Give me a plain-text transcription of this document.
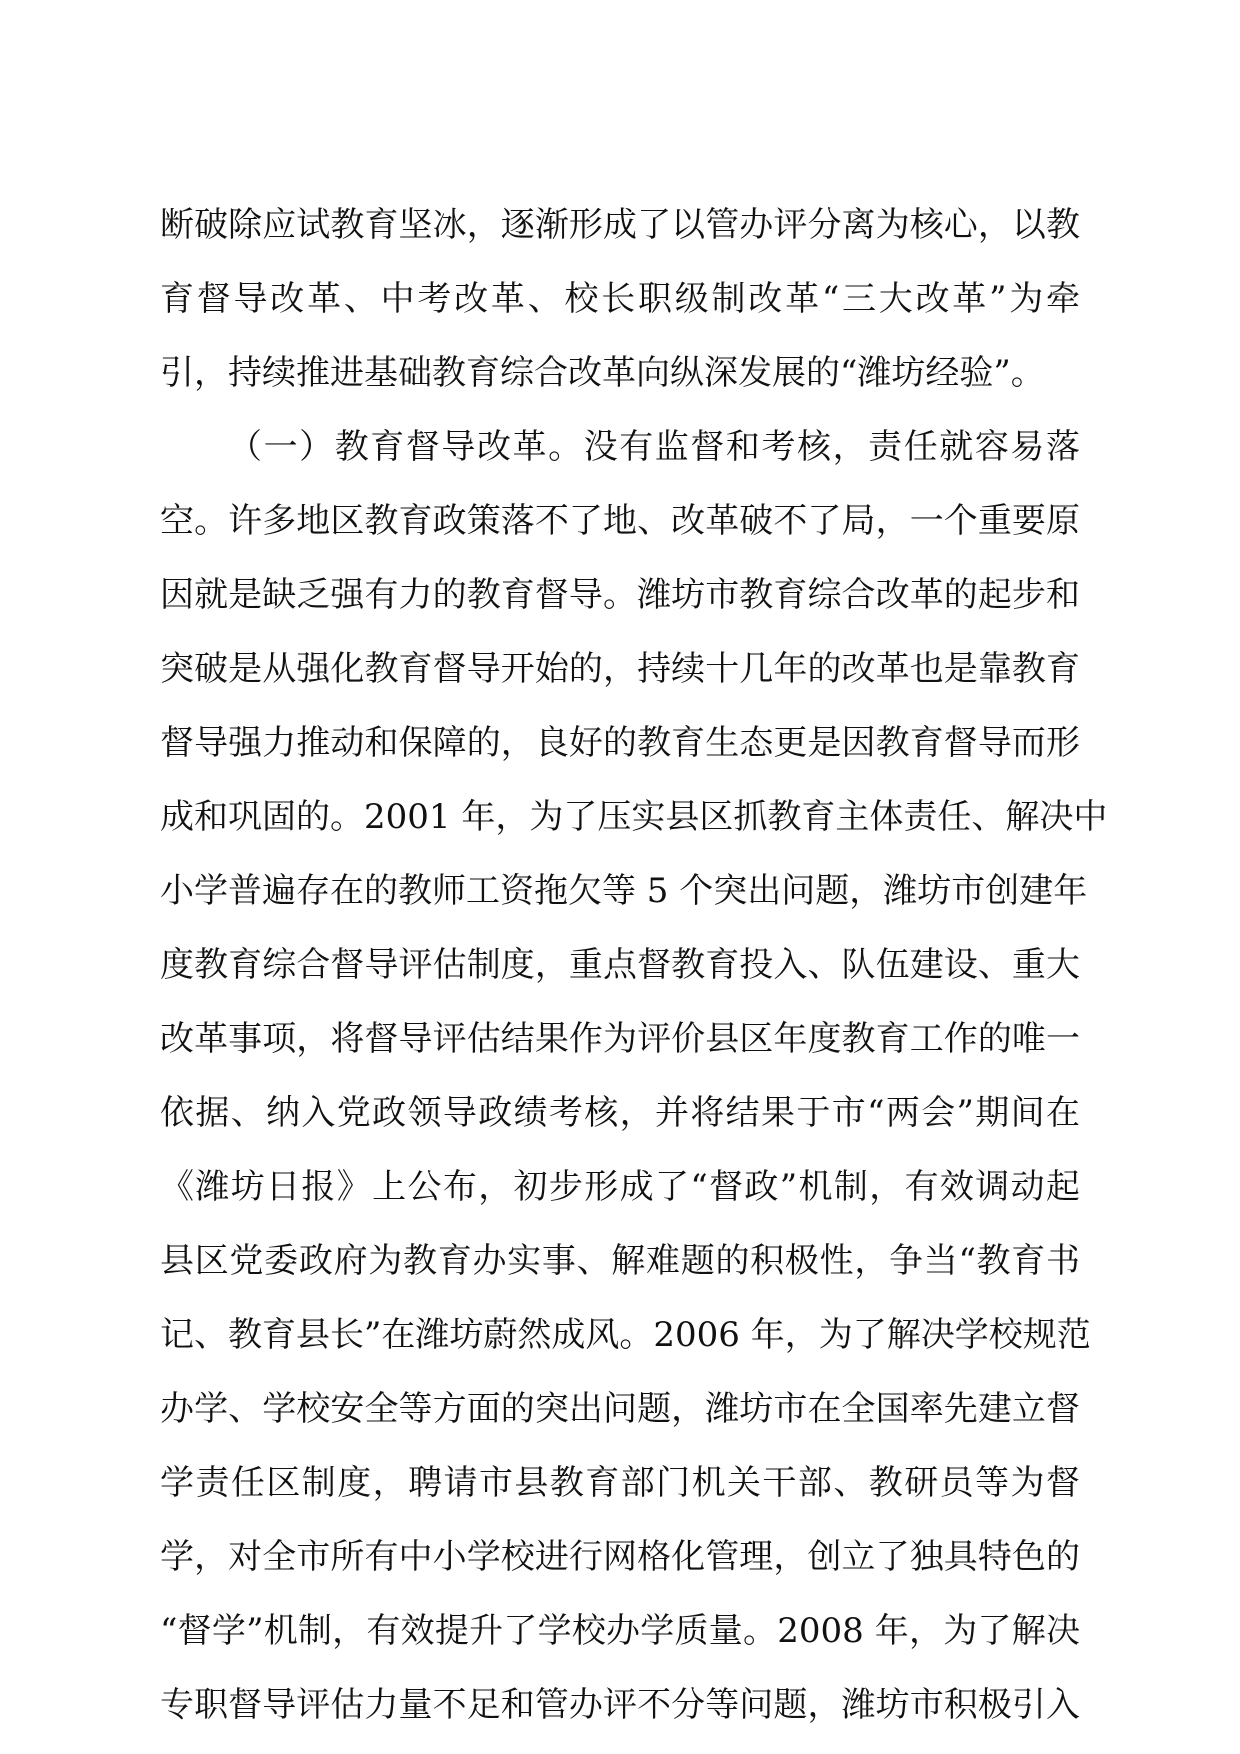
断破除应试教育坚冰，逐渐形成了以管办评分离为核心，以教
育督导改革、中考改革、校长职级制改革“三大改革”为牵
引，持续推进基础教育综合改革向纵深发展的“潍坊经验”。
（一）教育督导改革。没有监督和考核，责任就容易落
空。许多地区教育政策落不了地、改革破不了局，一个重要原
因就是缺乏强有力的教育督导。潍坊市教育综合改革的起步和
突破是从强化教育督导开始的，持续十几年的改革也是靠教育
督导强力推动和保障的，良好的教育生态更是因教育督导而形
成和巩固的。2001 年，为了压实县区抓教育主体责任、解决中
小学普遍存在的教师工资拖欠等 5 个突出问题，潍坊市创建年
度教育综合督导评估制度，重点督教育投入、队伍建设、重大
改革事项，将督导评估结果作为评价县区年度教育工作的唯一
依据、纳入党政领导政绩考核，并将结果于市“两会”期间在
《潍坊日报》上公布，初步形成了“督政”机制，有效调动起
县区党委政府为教育办实事、解难题的积极性，争当“教育书
记、教育县长”在潍坊蔚然成风。2006 年，为了解决学校规范
办学、学校安全等方面的突出问题，潍坊市在全国率先建立督
学责任区制度，聘请市县教育部门机关干部、教研员等为督
学，对全市所有中小学校进行网格化管理，创立了独具特色的
“督学”机制，有效提升了学校办学质量。2008 年，为了解决
专职督导评估力量不足和管办评不分等问题，潍坊市积极引入
